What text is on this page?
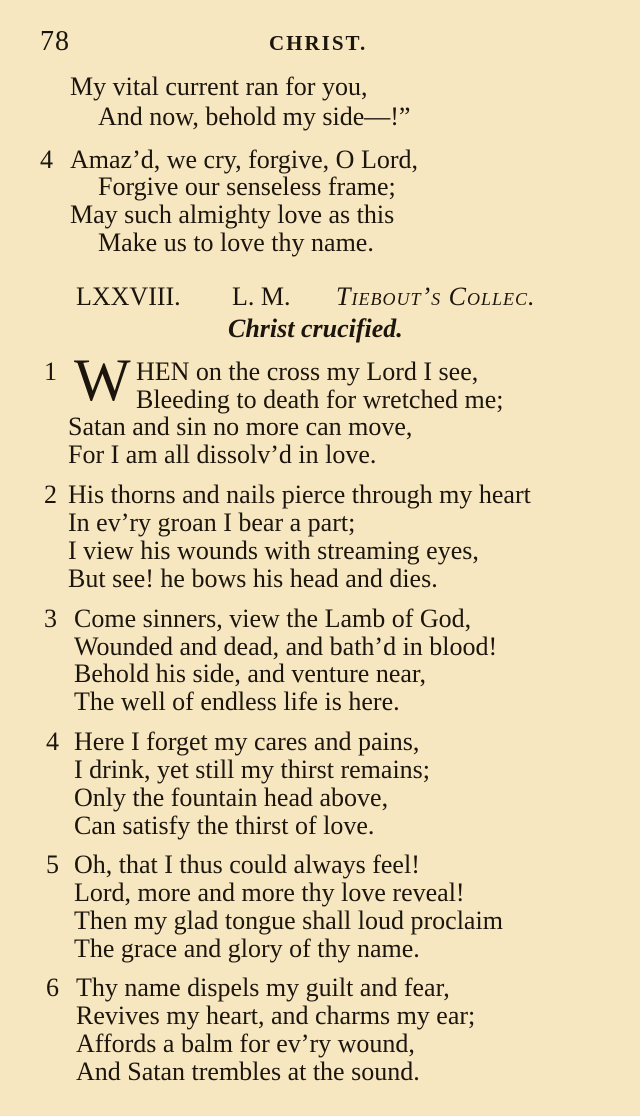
78	CHRIST.
My vital current ran for you,
And now, behold my side—!”
4 Amaz’d, we cry, forgive, O Lord,
Forgive our senseless frame;
May such almighty love as this
Make us to love thy name.
LXXVIII. L. M. Tiebout’s Collec.
Christ crucified.
1 W HEN on the cross my Lord I see,
Bleeding to death for wretched me;
Satan and sin no more can move,
For I am all dissolv’d in love.
2 His thorns and nails pierce through my heart
In ev’ry groan I bear a part;
I view his wounds with streaming eyes,
But see! he bows his head and dies.
3 Come sinners, view the Lamb of God,
Wounded and dead, and bath’d in blood!
Behold his side, and venture near,
The well of endless life is here.
4 Here I forget my cares and pains,
I drink, yet still my thirst remains;
Only the fountain head above,
Can satisfy the thirst of love.
5 Oh, that I thus could always feel!
Lord, more and more thy love reveal!
Then my glad tongue shall loud proclaim
The grace and glory of thy name.
6 Thy name dispels my guilt and fear,
Revives my heart, and charms my ear;
Affords a balm for ev’ry wound,
And Satan trembles at the sound.
